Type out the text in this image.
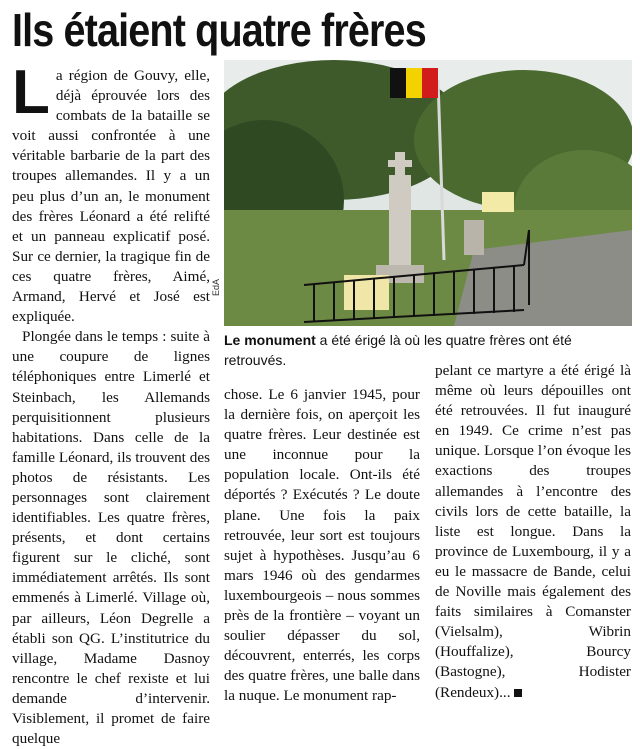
Ils étaient quatre frères
L a région de Gouvy, elle, déjà éprouvée lors des combats de la bataille se voit aussi confrontée à une véritable barbarie de la part des troupes allemandes. Il y a un peu plus d’un an, le monument des frères Léonard a été relifté et un panneau explicatif posé. Sur ce dernier, la tragique fin de ces quatre frères, Aimé, Armand, Hervé et José est expliquée.

Plongée dans le temps : suite à une coupure de lignes téléphoniques entre Limerlé et Steinbach, les Allemands perquisitionnent plusieurs habitations. Dans celle de la famille Léonard, ils trouvent des photos de résistants. Les personnages sont clairement identifiables. Les quatre frères, présents, et dont certains figurent sur le cliché, sont immédiatement arrêtés. Ils sont emmenés à Limerlé. Village où, par ailleurs, Léon Degrelle a établi son QG. L’institutrice du village, Madame Dasnoy rencontre le chef rexiste et lui demande d’intervenir. Visiblement, il promet de faire quelque

EdA
Le monument a été érigé là où les quatre frères ont été retrouvés.

chose. Le 6 janvier 1945, pour la dernière fois, on aperçoit les quatre frères. Leur destinée est une inconnue pour la population locale. Ont-ils été déportés ? Exécutés ? Le doute plane. Une fois la paix retrouvée, leur sort est toujours sujet à hypothèses. Jusqu’au 6 mars 1946 où des gendarmes luxembourgeois – nous sommes près de la frontière – voyant un soulier dépasser du sol, découvrent, enterrés, les corps des quatre frères, une balle dans la nuque. Le monument rap-

pelant ce martyre a été érigé là même où leurs dépouilles ont été retrouvées. Il fut inauguré en 1949. Ce crime n’est pas unique. Lorsque l’on évoque les exactions des troupes allemandes à l’encontre des civils lors de cette bataille, la liste est longue. Dans la province de Luxembourg, il y a eu le massacre de Bande, celui de Noville mais également des faits similaires à Comanster (Vielsalm), Wibrin (Houffalize), Bourcy (Bastogne), Hodister (Rendeux)...
